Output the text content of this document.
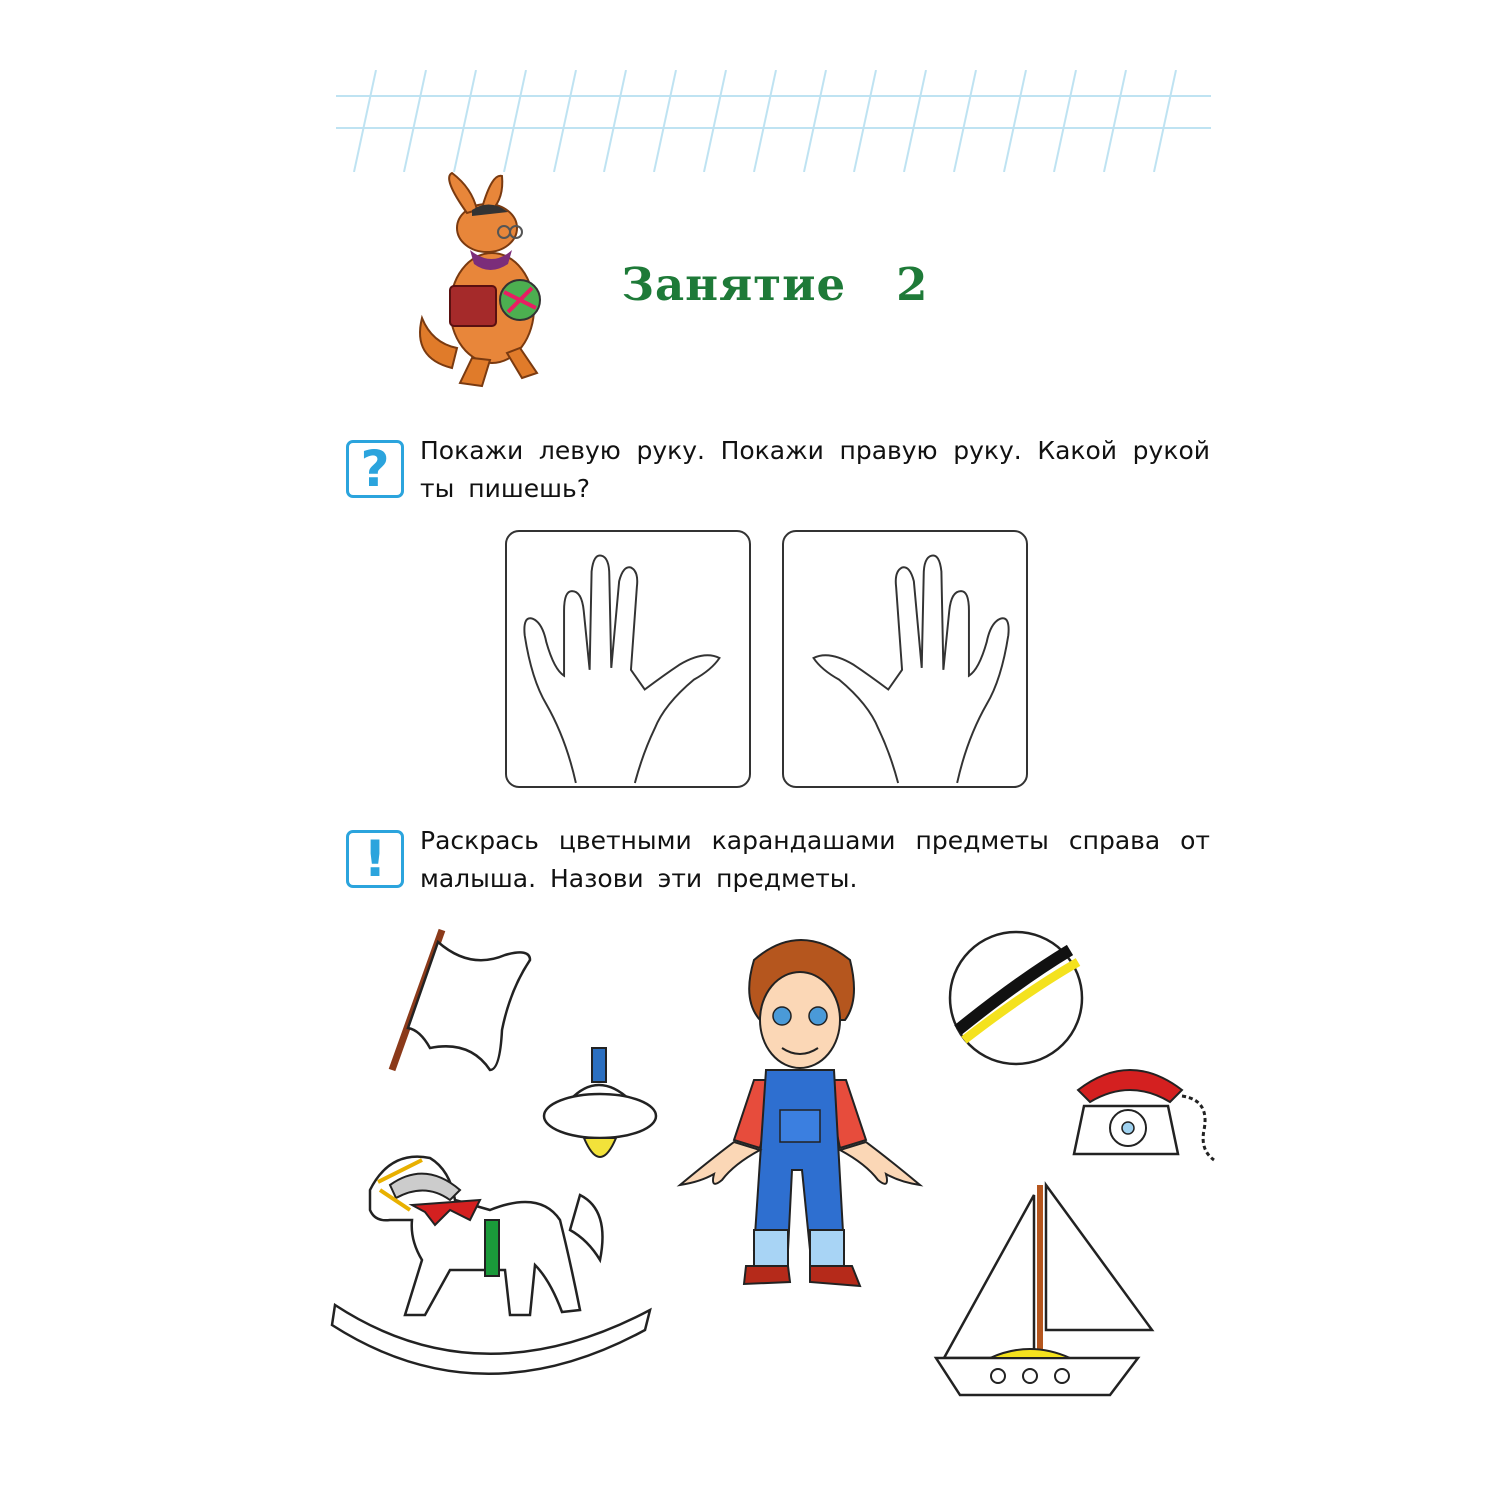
Занятие   2
?	Покажи левую руку. Покажи правую руку. Какой рукой ты пишешь?
!	Раскрась цветными карандашами предметы справа от малыша. Назови эти предметы.
